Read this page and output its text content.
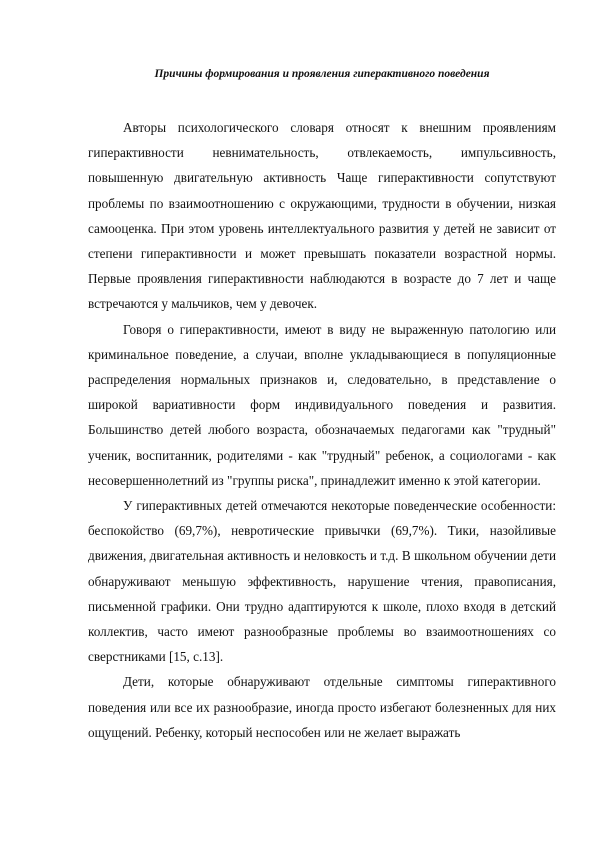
Причины формирования и проявления гиперактивного поведения

Авторы психологического словаря относят к внешним проявлениям гиперактивности невнимательность, отвлекаемость, импульсивность, повышенную двигательную активность Чаще гиперактивности сопутствуют проблемы по взаимоотношению с окружающими, трудности в обучении, низкая самооценка. При этом уровень интеллектуального развития у детей не зависит от степени гиперактивности и может превышать показатели возрастной нормы. Первые проявления гиперактивности наблюдаются в возрасте до 7 лет и чаще встречаются у мальчиков, чем у девочек.

Говоря о гиперактивности, имеют в виду не выраженную патологию или криминальное поведение, а случаи, вполне укладывающиеся в популяционные распределения нормальных признаков и, следовательно, в представление о широкой вариативности форм индивидуального поведения и развития. Большинство детей любого возраста, обозначаемых педагогами как "трудный" ученик, воспитанник, родителями - как "трудный" ребенок, а социологами - как несовершеннолетний из "группы риска", принадлежит именно к этой категории.

У гиперактивных детей отмечаются некоторые поведенческие особенности: беспокойство (69,7%), невротические привычки (69,7%). Тики, назойливые движения, двигательная активность и неловкость и т.д. В школьном обучении дети обнаруживают меньшую эффективность, нарушение чтения, правописания, письменной графики. Они трудно адаптируются к школе, плохо входя в детский коллектив, часто имеют разнообразные проблемы во взаимоотношениях со сверстниками [15, с.13].

Дети, которые обнаруживают отдельные симптомы гиперактивного поведения или все их разнообразие, иногда просто избегают болезненных для них ощущений. Ребенку, который неспособен или не желает выражать
